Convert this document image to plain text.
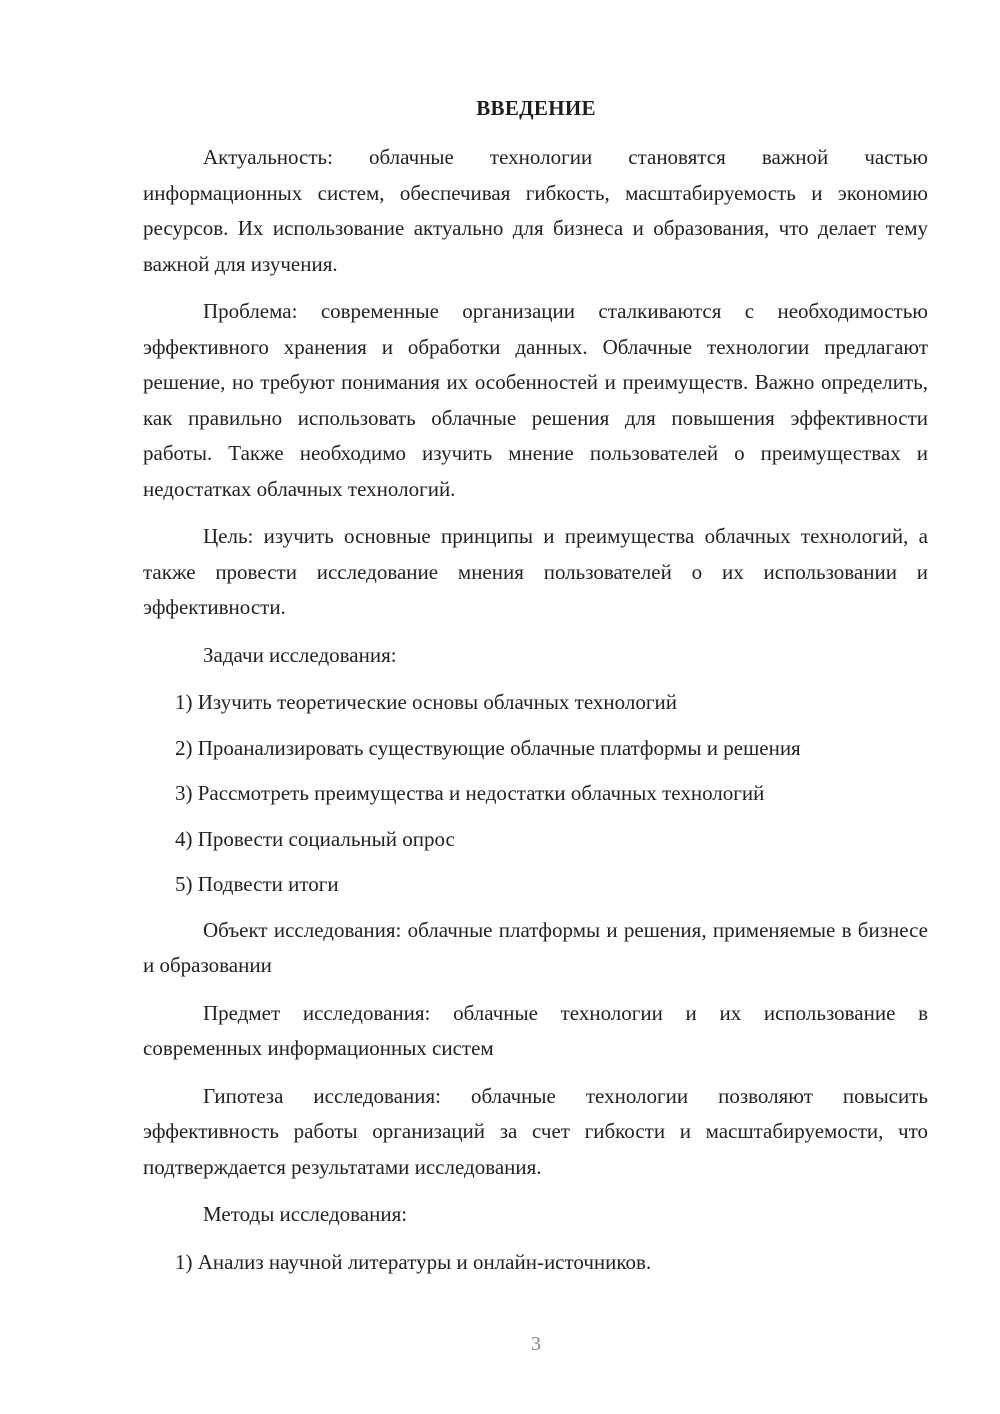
ВВЕДЕНИЕ

Актуальность: облачные технологии становятся важной частью информационных систем, обеспечивая гибкость, масштабируемость и экономию ресурсов. Их использование актуально для бизнеса и образования, что делает тему важной для изучения.

Проблема: современные организации сталкиваются с необходимостью эффективного хранения и обработки данных. Облачные технологии предлагают решение, но требуют понимания их особенностей и преимуществ. Важно определить, как правильно использовать облачные решения для повышения эффективности работы. Также необходимо изучить мнение пользователей о преимуществах и недостатках облачных технологий.

Цель: изучить основные принципы и преимущества облачных технологий, а также провести исследование мнения пользователей о их использовании и эффективности.

Задачи исследования:

1) Изучить теоретические основы облачных технологий
2) Проанализировать существующие облачные платформы и решения
3) Рассмотреть преимущества и недостатки облачных технологий
4) Провести социальный опрос
5) Подвести итоги

Объект исследования: облачные платформы и решения, применяемые в бизнесе и образовании

Предмет исследования: облачные технологии и их использование в современных информационных систем

Гипотеза исследования: облачные технологии позволяют повысить эффективность работы организаций за счет гибкости и масштабируемости, что подтверждается результатами исследования.

Методы исследования:

1) Анализ научной литературы и онлайн-источников.
3
